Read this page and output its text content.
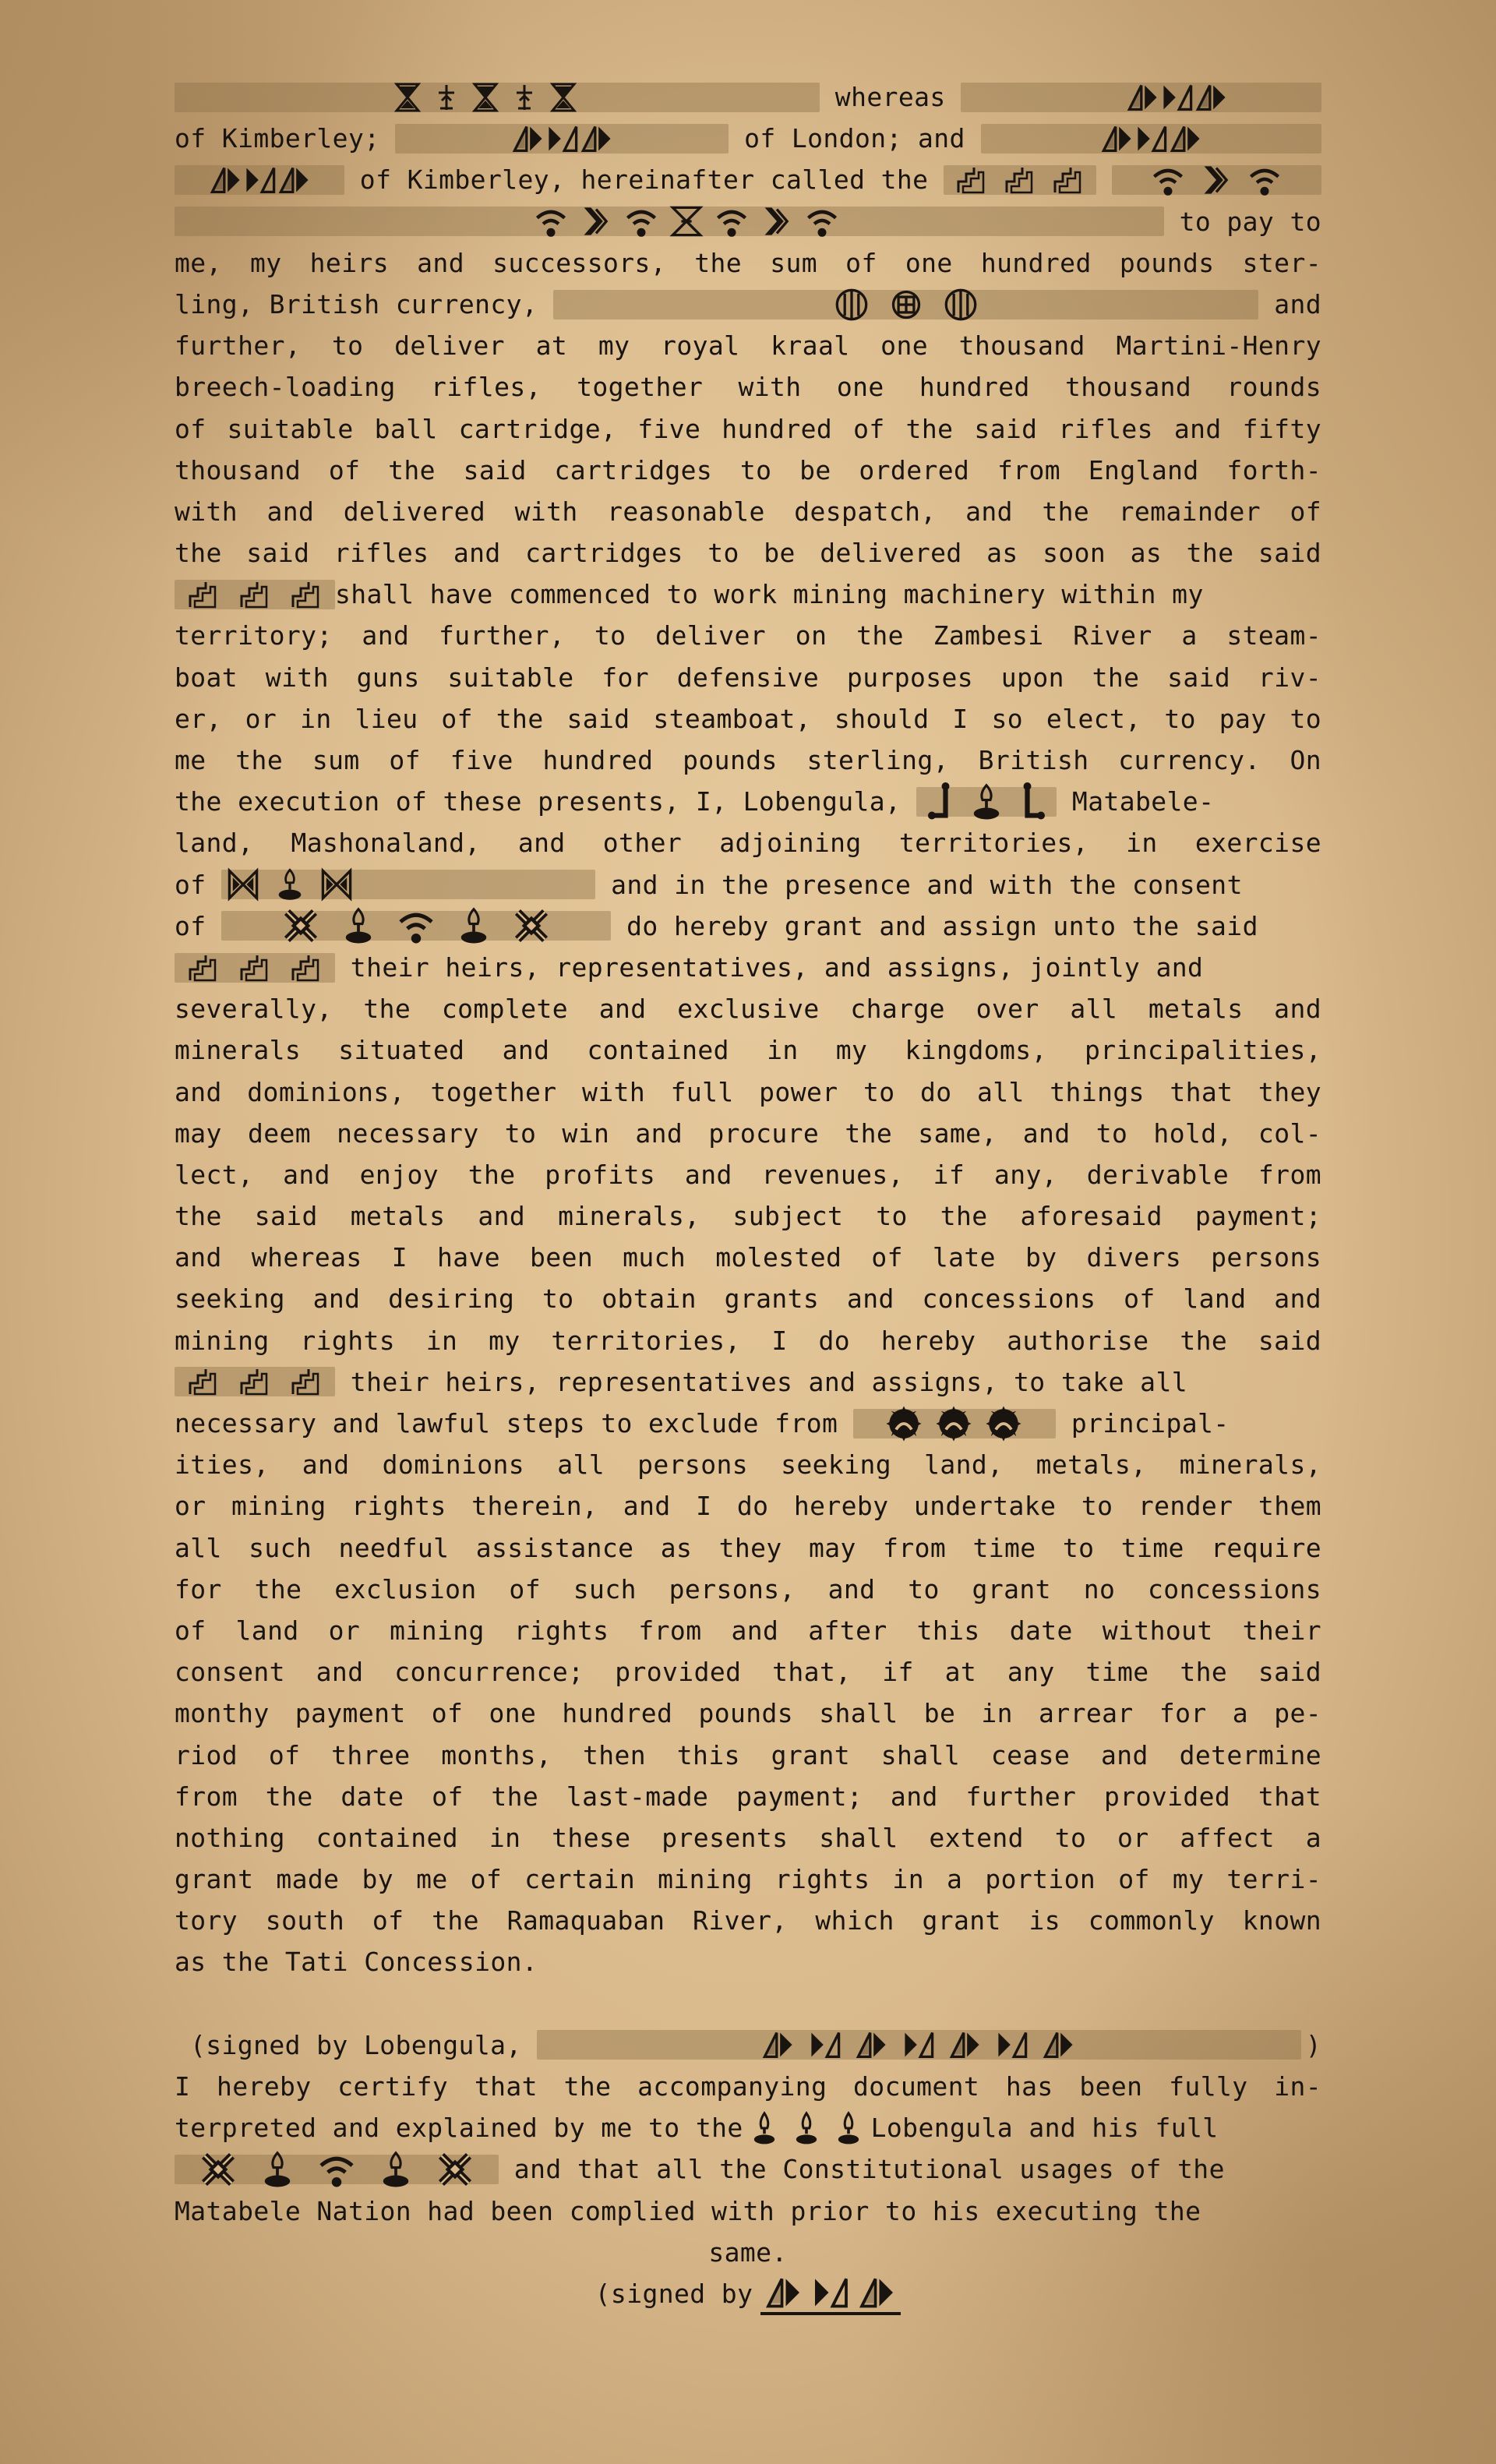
whereas
of Kimberley;	of London; and
of Kimberley, hereinafter called the
to pay to
me, my heirs and successors, the sum of one hundred pounds ster-
ling, British currency,	and
further, to deliver at my royal kraal one thousand Martini-Henry
breech-loading rifles, together with one hundred thousand rounds
of suitable ball cartridge, five hundred of the said rifles and fifty
thousand of the said cartridges to be ordered from England forth-
with and delivered with reasonable despatch, and the remainder of
the said rifles and cartridges to be delivered as soon as the said
shall have commenced to work mining machinery within my
territory; and further, to deliver on the Zambesi River a steam-
boat with guns suitable for defensive purposes upon the said riv-
er, or in lieu of the said steamboat, should I so elect, to pay to
me the sum of five hundred pounds sterling, British currency. On
the execution of these presents, I, Lobengula,	Matabele-
land, Mashonaland, and other adjoining territories, in exercise
of	and in the presence and with the consent
of	do hereby grant and assign unto the said
their heirs, representatives, and assigns, jointly and
severally, the complete and exclusive charge over all metals and
minerals situated and contained in my kingdoms, principalities,
and dominions, together with full power to do all things that they
may deem necessary to win and procure the same, and to hold, col-
lect, and enjoy the profits and revenues, if any, derivable from
the said metals and minerals, subject to the aforesaid payment;
and whereas I have been much molested of late by divers persons
seeking and desiring to obtain grants and concessions of land and
mining rights in my territories, I do hereby authorise the said
their heirs, representatives and assigns, to take all
necessary and lawful steps to exclude from	principal-
ities, and dominions all persons seeking land, metals, minerals,
or mining rights therein, and I do hereby undertake to render them
all such needful assistance as they may from time to time require
for the exclusion of such persons, and to grant no concessions
of land or mining rights from and after this date without their
consent and concurrence; provided that, if at any time the said
monthy payment of one hundred pounds shall be in arrear for a pe-
riod of three months, then this grant shall cease and determine
from the date of the last-made payment; and further provided that
nothing contained in these presents shall extend to or affect a
grant made by me of certain mining rights in a portion of my terri-
tory south of the Ramaquaban River, which grant is commonly known
as the Tati Concession.
(signed by Lobengula,	)
I hereby certify that the accompanying document has been fully in-
terpreted and explained by me to the	Lobengula and his full
and that all the Constitutional usages of the
Matabele Nation had been complied with prior to his executing the
same.
(signed by
